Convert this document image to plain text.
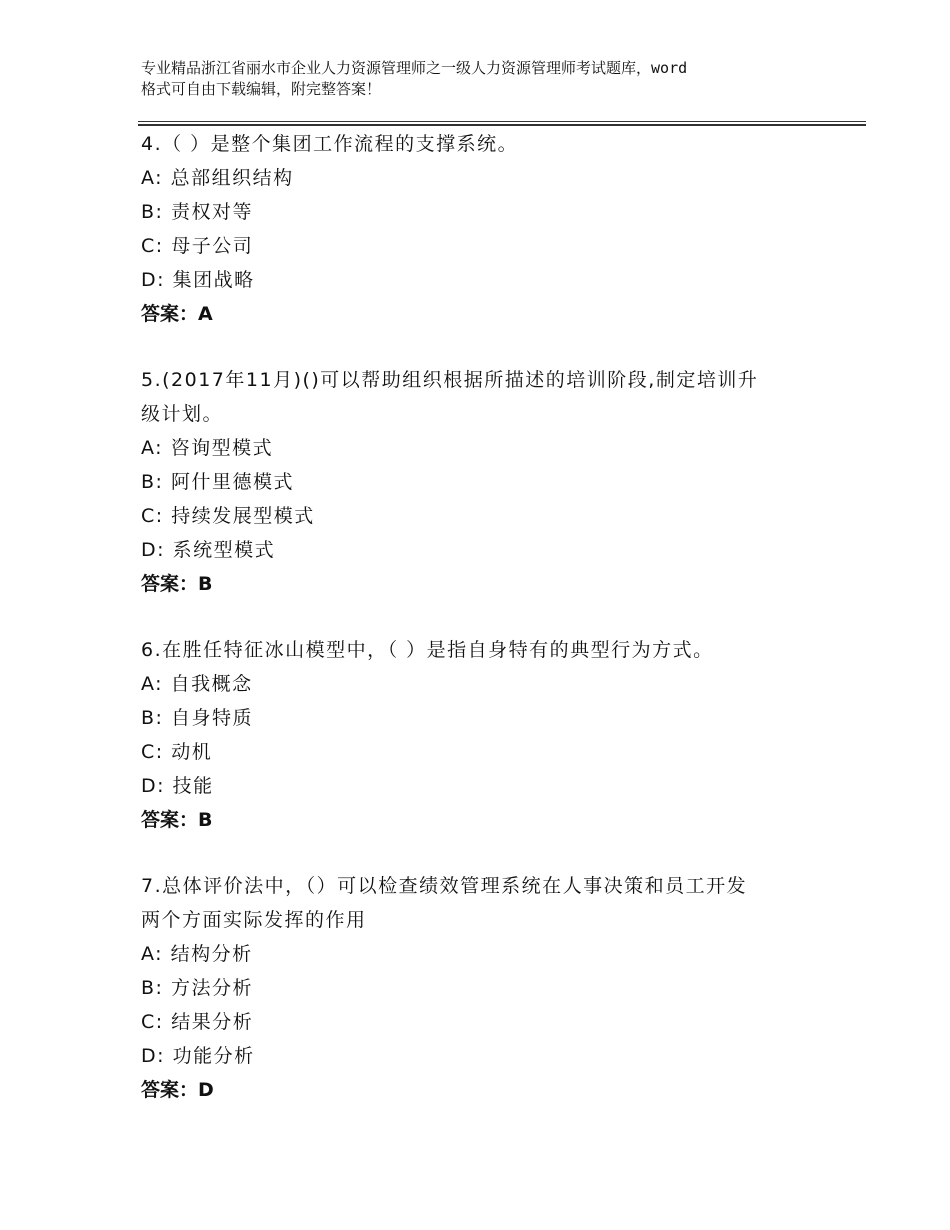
专业精品浙江省丽水市企业人力资源管理师之一级人力资源管理师考试题库，word
格式可自由下载编辑，附完整答案！
4.（ ）是整个集团工作流程的支撑系统。
A: 总部组织结构
B: 责权对等
C: 母子公司
D: 集团战略
答案：A
5.(2017年11月)()可以帮助组织根据所描述的培训阶段,制定培训升
级计划。
A: 咨询型模式
B: 阿什里德模式
C: 持续发展型模式
D: 系统型模式
答案：B
6.在胜任特征冰山模型中，（ ）是指自身特有的典型行为方式。
A: 自我概念
B: 自身特质
C: 动机
D: 技能
答案：B
7.总体评价法中，（）可以检查绩效管理系统在人事决策和员工开发
两个方面实际发挥的作用
A: 结构分析
B: 方法分析
C: 结果分析
D: 功能分析
答案：D
